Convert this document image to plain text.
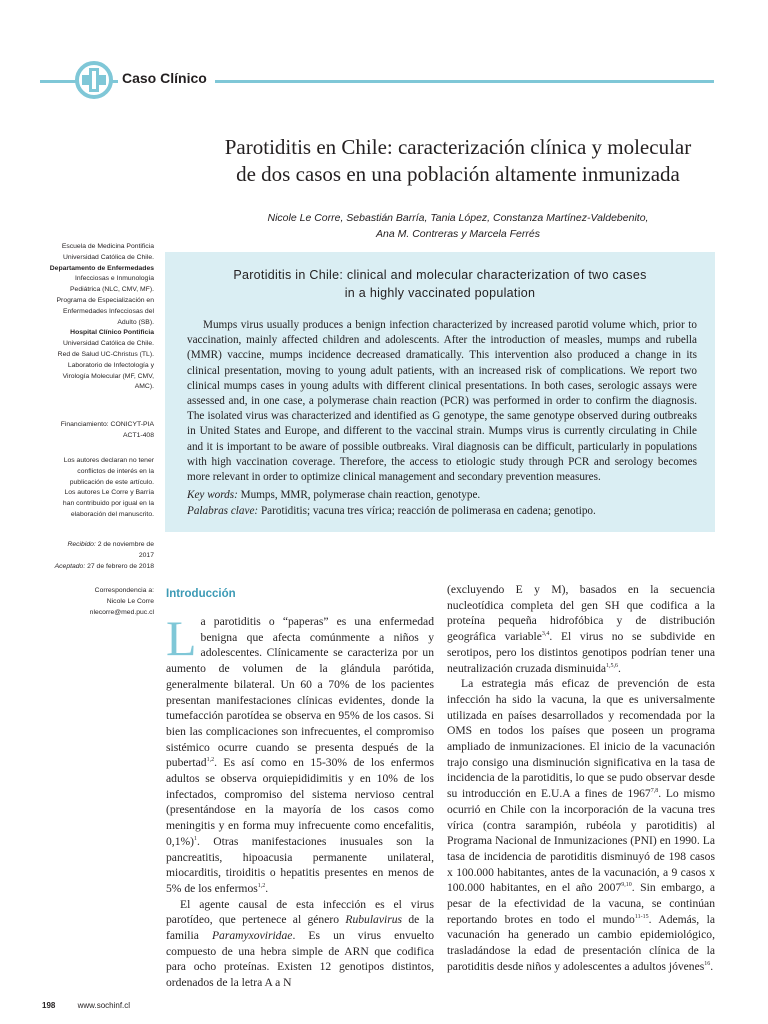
Caso Clínico
Parotiditis en Chile: caracterización clínica y molecular
de dos casos en una población altamente inmunizada
Nicole Le Corre, Sebastián Barría, Tania López, Constanza Martínez-Valdebenito,
Ana M. Contreras y Marcela Ferrés
Parotiditis in Chile: clinical and molecular characterization of two cases
in a highly vaccinated population

Mumps virus usually produces a benign infection characterized by increased parotid volume which, prior to vaccination, mainly affected children and adolescents. After the introduction of measles, mumps and rubella (MMR) vaccine, mumps incidence decreased dramatically. This intervention also produced a change in its clinical presentation, moving to young adult patients, with an increased risk of complications. We report two clinical mumps cases in young adults with different clinical presentations. In both cases, serologic assays were assessed and, in one case, a polymerase chain reaction (PCR) was performed in order to confirm the diagnosis. The isolated virus was characterized and identified as G genotype, the same genotype observed during outbreaks in United States and Europe, and different to the vaccinal strain. Mumps virus is currently circulating in Chile and it is important to be aware of possible outbreaks. Viral diagnosis can be difficult, particularly in populations with high vaccination coverage. Therefore, the access to etiologic study through PCR and serology becomes more relevant in order to optimize clinical management and secondary prevention measures.

Key words: Mumps, MMR, polymerase chain reaction, genotype.
Palabras clave: Parotiditis; vacuna tres vírica; reacción de polimerasa en cadena; genotipo.
Escuela de Medicina Pontificia
Universidad Católica de Chile.
Departamento de Enfermedades
Infecciosas e Inmunología
Pediátrica (NLC, CMV, MF).
Programa de Especialización en
Enfermedades Infecciosas del
Adulto (SB).
Hospital Clínico Pontificia
Universidad Católica de Chile.
Red de Salud UC-Christus (TL).
Laboratorio de Infectología y
Virología Molecular (MF, CMV,
AMC).
Financiamiento: CONICYT-PIA
ACT1-408
Los autores declaran no tener
conflictos de interés en la
publicación de este artículo.
Los autores Le Corre y Barría
han contribuido por igual en la
elaboración del manuscrito.
Recibido: 2 de noviembre de
2017
Aceptado: 27 de febrero de 2018
Correspondencia a:
Nicole Le Corre
nlecorre@med.puc.cl
Introducción

La parotiditis o “paperas” es una enfermedad benigna que afecta comúnmente a niños y adolescentes. Clínicamente se caracteriza por un aumento de volumen de la glándula parótida, generalmente bilateral. Un 60 a 70% de los pacientes presentan manifestaciones clínicas evidentes, donde la tumefacción parotídea se observa en 95% de los casos. Si bien las complicaciones son infrecuentes, el compromiso sistémico ocurre cuando se presenta después de la pubertad$^{1,2}$. Es así como en 15-30% de los enfermos adultos se observa orquiepididimitis y en 10% de los infectados, compromiso del sistema nervioso central (presentándose en la mayoría de los casos como meningitis y en forma muy infrecuente como encefalitis, 0,1%)$^1$. Otras manifestaciones inusuales son la pancreatitis, hipoacusia permanente unilateral, miocarditis, tiroiditis o hepatitis presentes en menos de 5% de los enfermos$^{1,2}$.

El agente causal de esta infección es el virus parotídeo, que pertenece al género Rubulavirus de la familia Paramyxoviridae. Es un virus envuelto compuesto de una hebra simple de ARN que codifica para ocho proteínas. Existen 12 genotipos distintos, ordenados de la letra A a N

(excluyendo E y M), basados en la secuencia nucleotídica completa del gen SH que codifica a la proteína pequeña hidrofóbica y de distribución geográfica variable$^{3,4}$. El virus no se subdivide en serotipos, pero los distintos genotipos podrían tener una neutralización cruzada disminuida$^{1,5,6}$.

La estrategia más eficaz de prevención de esta infección ha sido la vacuna, la que es universalmente utilizada en países desarrollados y recomendada por la OMS en todos los países que poseen un programa ampliado de inmunizaciones. El inicio de la vacunación trajo consigo una disminución significativa en la tasa de incidencia de la parotiditis, lo que se pudo observar desde su introducción en E.U.A a fines de 1967$^{7,8}$. Lo mismo ocurrió en Chile con la incorporación de la vacuna tres vírica (contra sarampión, rubéola y parotiditis) al Programa Nacional de Inmunizaciones (PNI) en 1990. La tasa de incidencia de parotiditis disminuyó de 198 casos x 100.000 habitantes, antes de la vacunación, a 9 casos x 100.000 habitantes, en el año 2007$^{9,10}$. Sin embargo, a pesar de la efectividad de la vacuna, se continúan reportando brotes en todo el mundo$^{11-15}$. Además, la vacunación ha generado un cambio epidemiológico, trasladándose la edad de presentación clínica de la parotiditis desde niños y adolescentes a adultos jóvenes$^{16}$.

198	www.sochinf.cl
